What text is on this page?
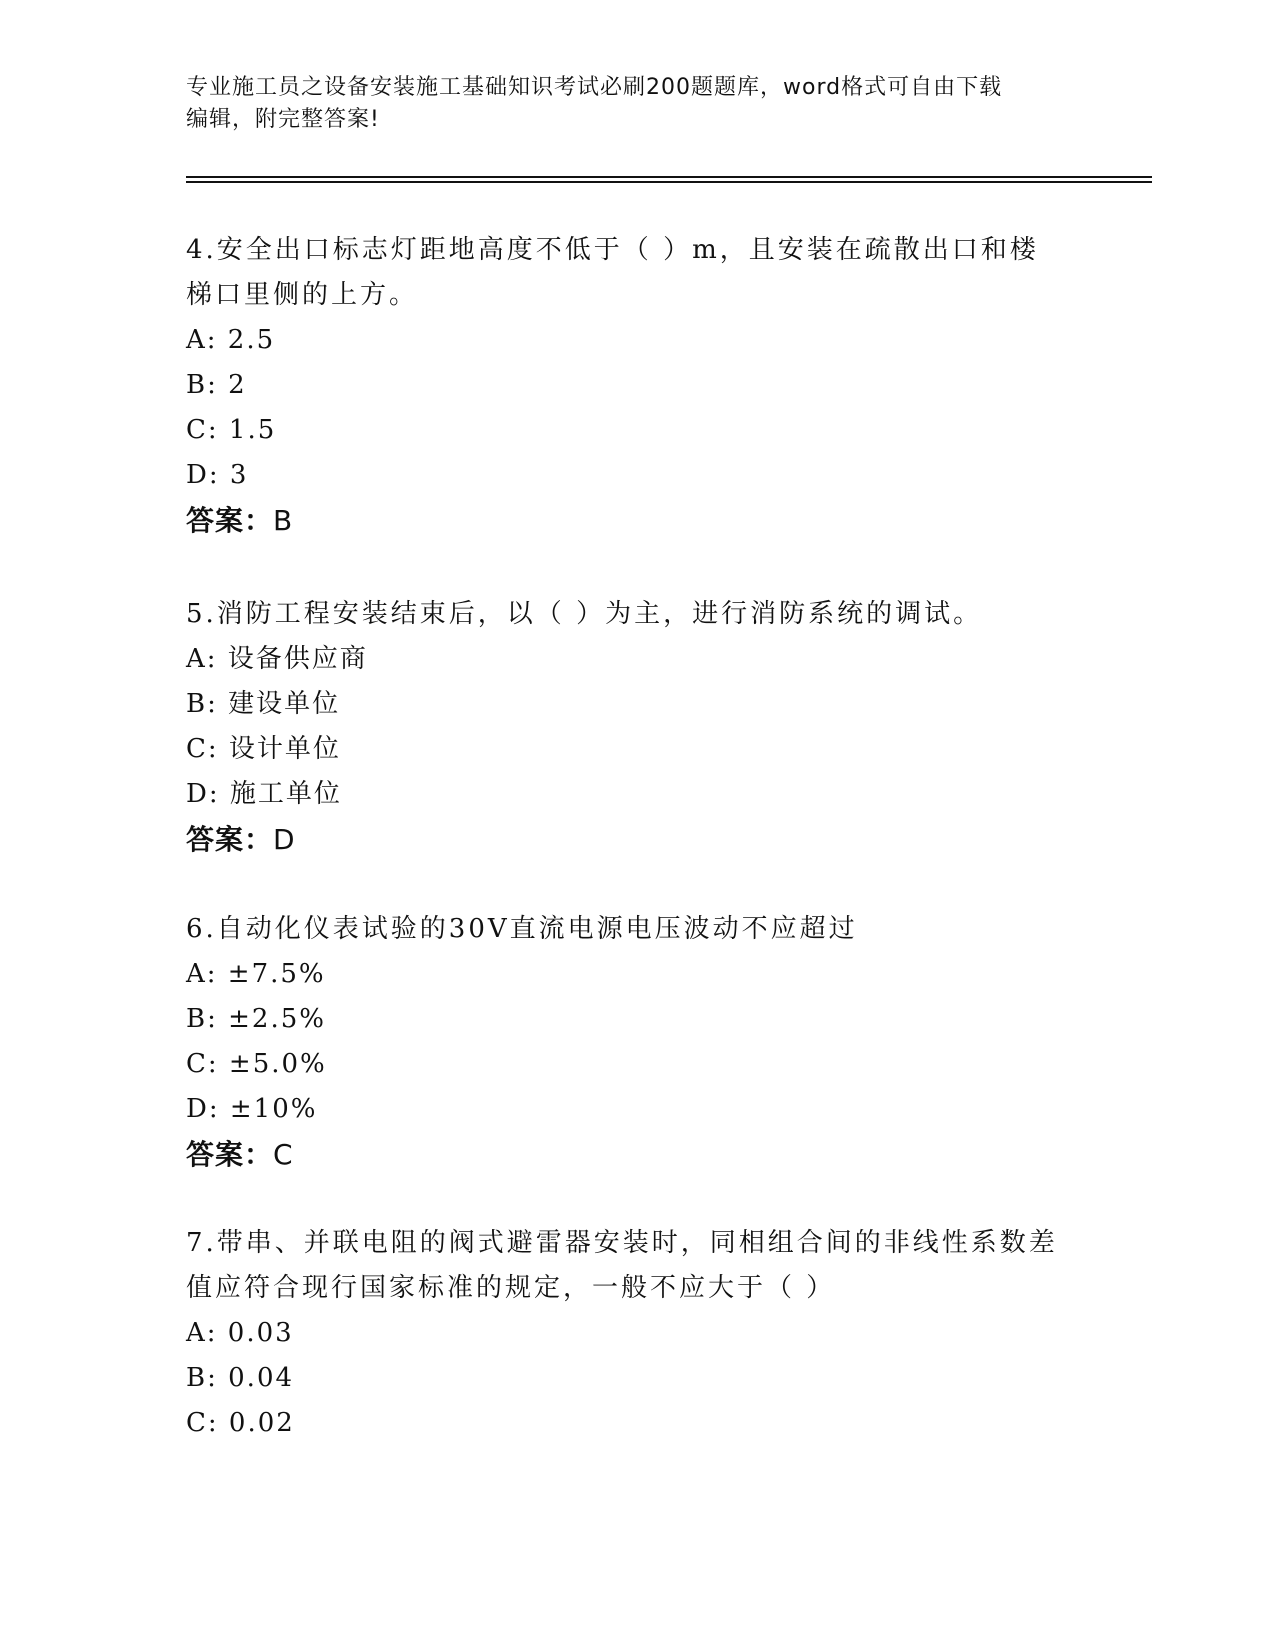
专业施工员之设备安装施工基础知识考试必刷200题题库，word格式可自由下载
编辑，附完整答案!

4.安全出口标志灯距地高度不低于（ ）m，且安装在疏散出口和楼梯口里侧的上方。

A: 2.5

B: 2

C: 1.5

D: 3

答案：B

5.消防工程安装结束后，以（ ）为主，进行消防系统的调试。

A: 设备供应商

B: 建设单位

C: 设计单位

D: 施工单位

答案：D

6.自动化仪表试验的30V直流电源电压波动不应超过

A: ±7.5%

B: ±2.5%

C: ±5.0%

D: ±10%

答案：C

7.带串、并联电阻的阀式避雷器安装时，同相组合间的非线性系数差值应符合现行国家标准的规定，一般不应大于（ ）

A: 0.03

B: 0.04

C: 0.02
